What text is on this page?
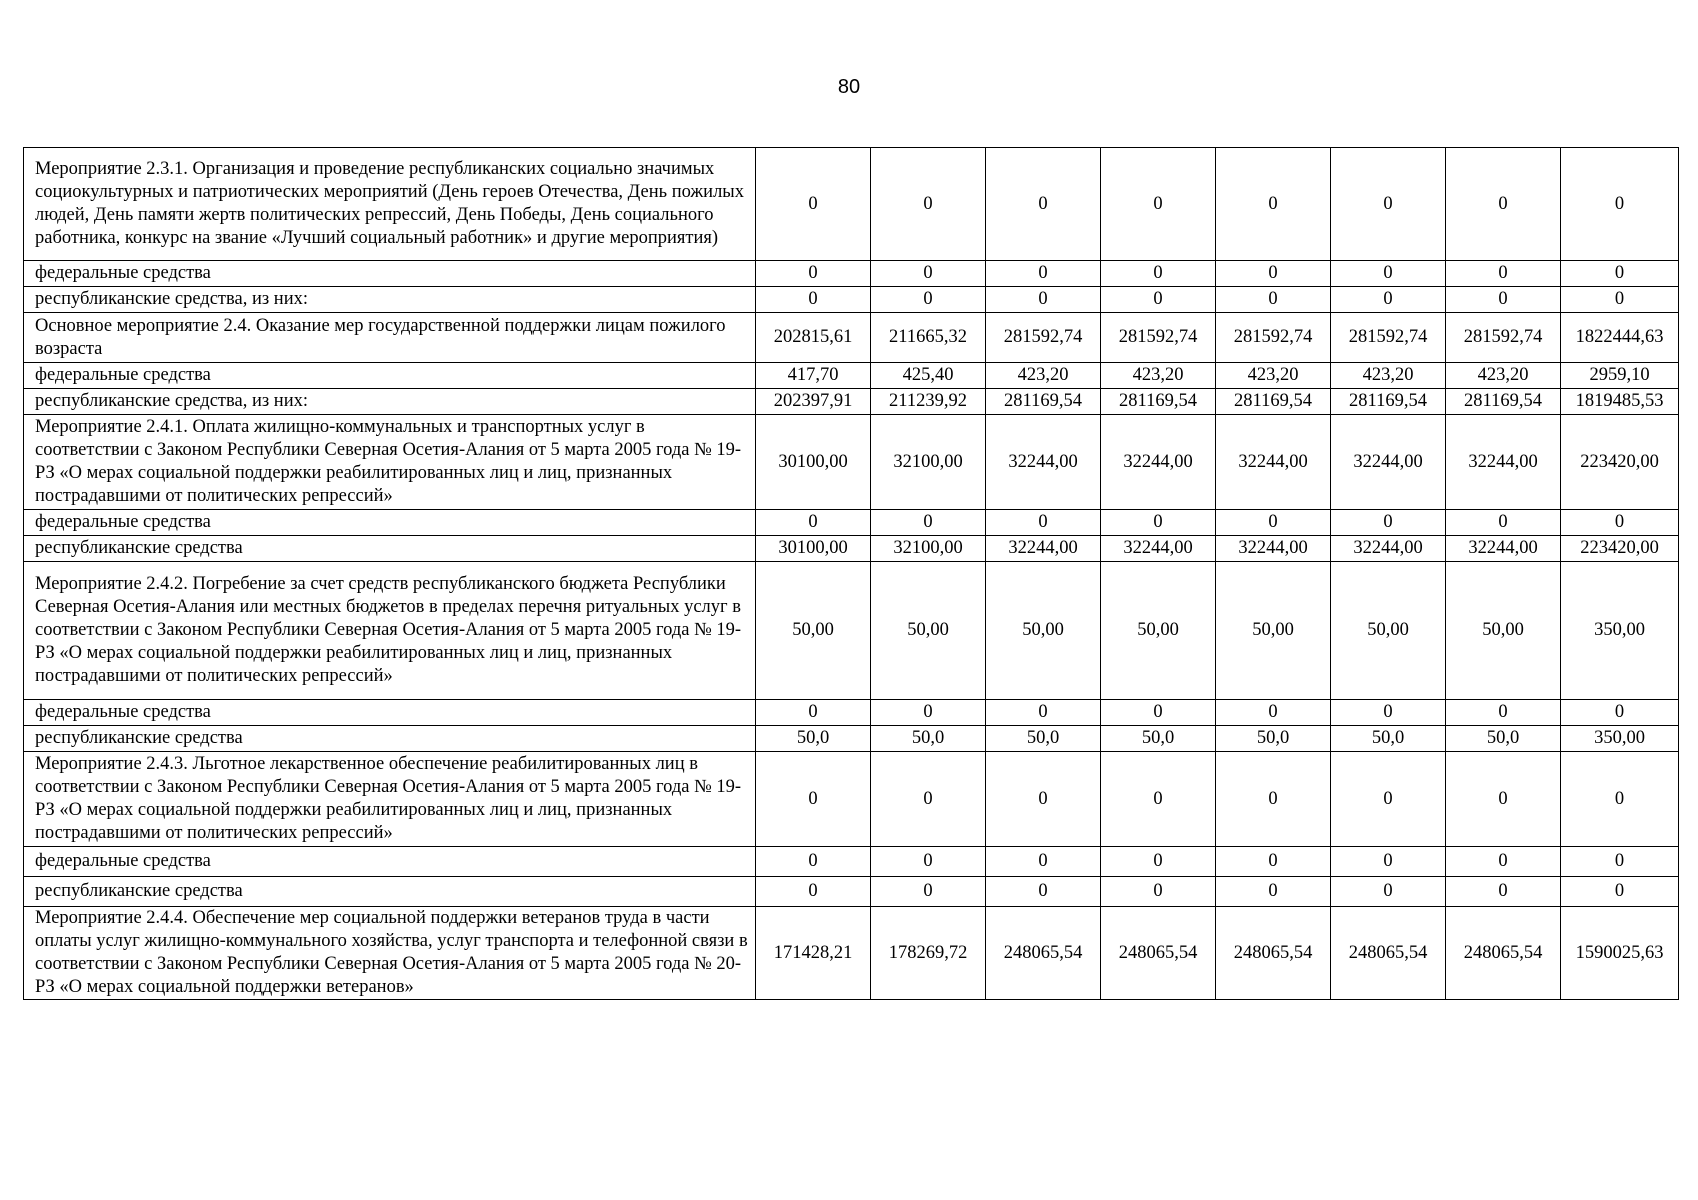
80
Мероприятие 2.3.1. Организация и проведение республиканских социально значимых социокультурных и патриотических мероприятий (День героев Отечества, День пожилых людей, День памяти жертв политических репрессий, День Победы, День социального работника, конкурс на звание «Лучший социальный работник» и другие мероприятия)	0	0	0	0	0	0	0	0
федеральные средства	0	0	0	0	0	0	0	0
республиканские средства, из них:	0	0	0	0	0	0	0	0
Основное мероприятие 2.4. Оказание мер государственной поддержки лицам пожилого возраста	202815,61	211665,32	281592,74	281592,74	281592,74	281592,74	281592,74	1822444,63
федеральные средства	417,70	425,40	423,20	423,20	423,20	423,20	423,20	2959,10
республиканские средства, из них:	202397,91	211239,92	281169,54	281169,54	281169,54	281169,54	281169,54	1819485,53
Мероприятие 2.4.1. Оплата жилищно-коммунальных и транспортных услуг в соответствии с Законом Республики Северная Осетия-Алания от 5 марта 2005 года № 19-РЗ «О мерах социальной поддержки реабилитированных лиц и лиц, признанных пострадавшими от политических репрессий»	30100,00	32100,00	32244,00	32244,00	32244,00	32244,00	32244,00	223420,00
федеральные средства	0	0	0	0	0	0	0	0
республиканские средства	30100,00	32100,00	32244,00	32244,00	32244,00	32244,00	32244,00	223420,00
Мероприятие 2.4.2. Погребение за счет средств республиканского бюджета Республики Северная Осетия-Алания или местных бюджетов в пределах перечня ритуальных услуг в соответствии с Законом Республики Северная Осетия-Алания от 5 марта 2005 года № 19-РЗ «О мерах социальной поддержки реабилитированных лиц и лиц, признанных пострадавшими от политических репрессий»	50,00	50,00	50,00	50,00	50,00	50,00	50,00	350,00
федеральные средства	0	0	0	0	0	0	0	0
республиканские средства	50,0	50,0	50,0	50,0	50,0	50,0	50,0	350,00
Мероприятие 2.4.3. Льготное лекарственное обеспечение реабилитированных лиц в соответствии с Законом Республики Северная Осетия-Алания от 5 марта 2005 года № 19-РЗ «О мерах социальной поддержки реабилитированных лиц и лиц, признанных пострадавшими от политических репрессий»	0	0	0	0	0	0	0	0
федеральные средства	0	0	0	0	0	0	0	0
республиканские средства	0	0	0	0	0	0	0	0
Мероприятие 2.4.4. Обеспечение мер социальной поддержки ветеранов труда в части оплаты услуг жилищно-коммунального хозяйства, услуг транспорта и телефонной связи в соответствии с Законом Республики Северная Осетия-Алания от 5 марта 2005 года № 20-РЗ «О мерах социальной поддержки ветеранов»	171428,21	178269,72	248065,54	248065,54	248065,54	248065,54	248065,54	1590025,63
